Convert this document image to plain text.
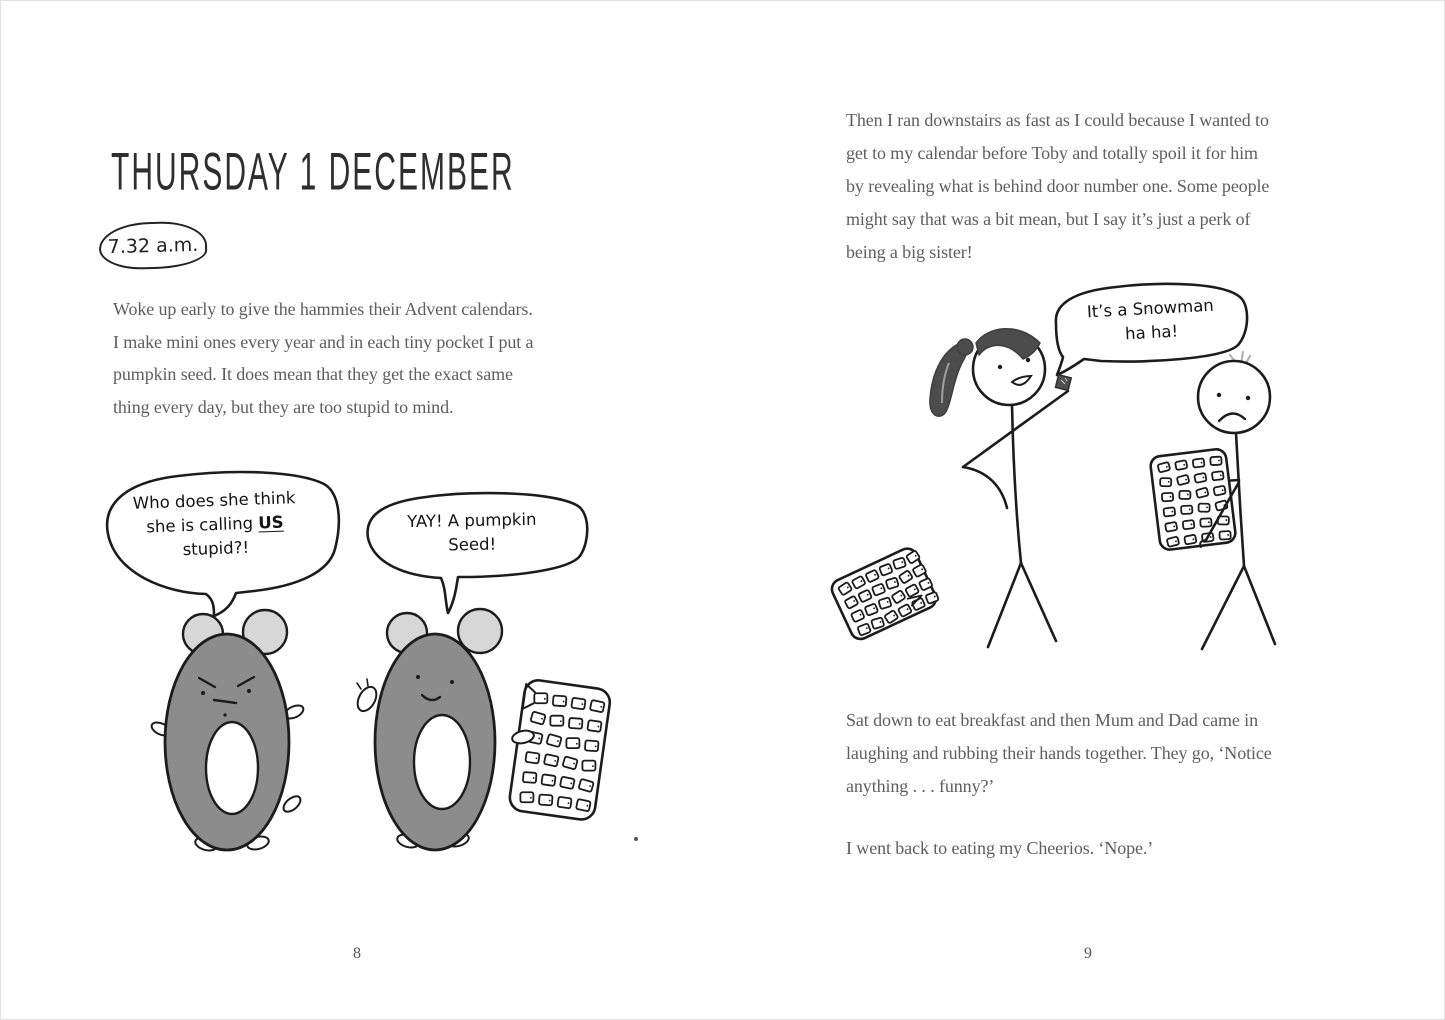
THURSDAY 1 DECEMBER
7.32 a.m.
Woke up early to give the hammies their Advent calendars.
I make mini ones every year and in each tiny pocket I put a
pumpkin seed. It does mean that they get the exact same
thing every day, but they are too stupid to mind.
Who does she think
she is calling US
stupid?!
YAY! A pumpkin
Seed!
8
Then I ran downstairs as fast as I could because I wanted to
get to my calendar before Toby and totally spoil it for him
by revealing what is behind door number one. Some people
might say that was a bit mean, but I say it’s just a perk of
being a big sister!
It’s a Snowman
ha ha!
Sat down to eat breakfast and then Mum and Dad came in
laughing and rubbing their hands together. They go, ‘Notice
anything . . . funny?’
I went back to eating my Cheerios. ‘Nope.’
9
